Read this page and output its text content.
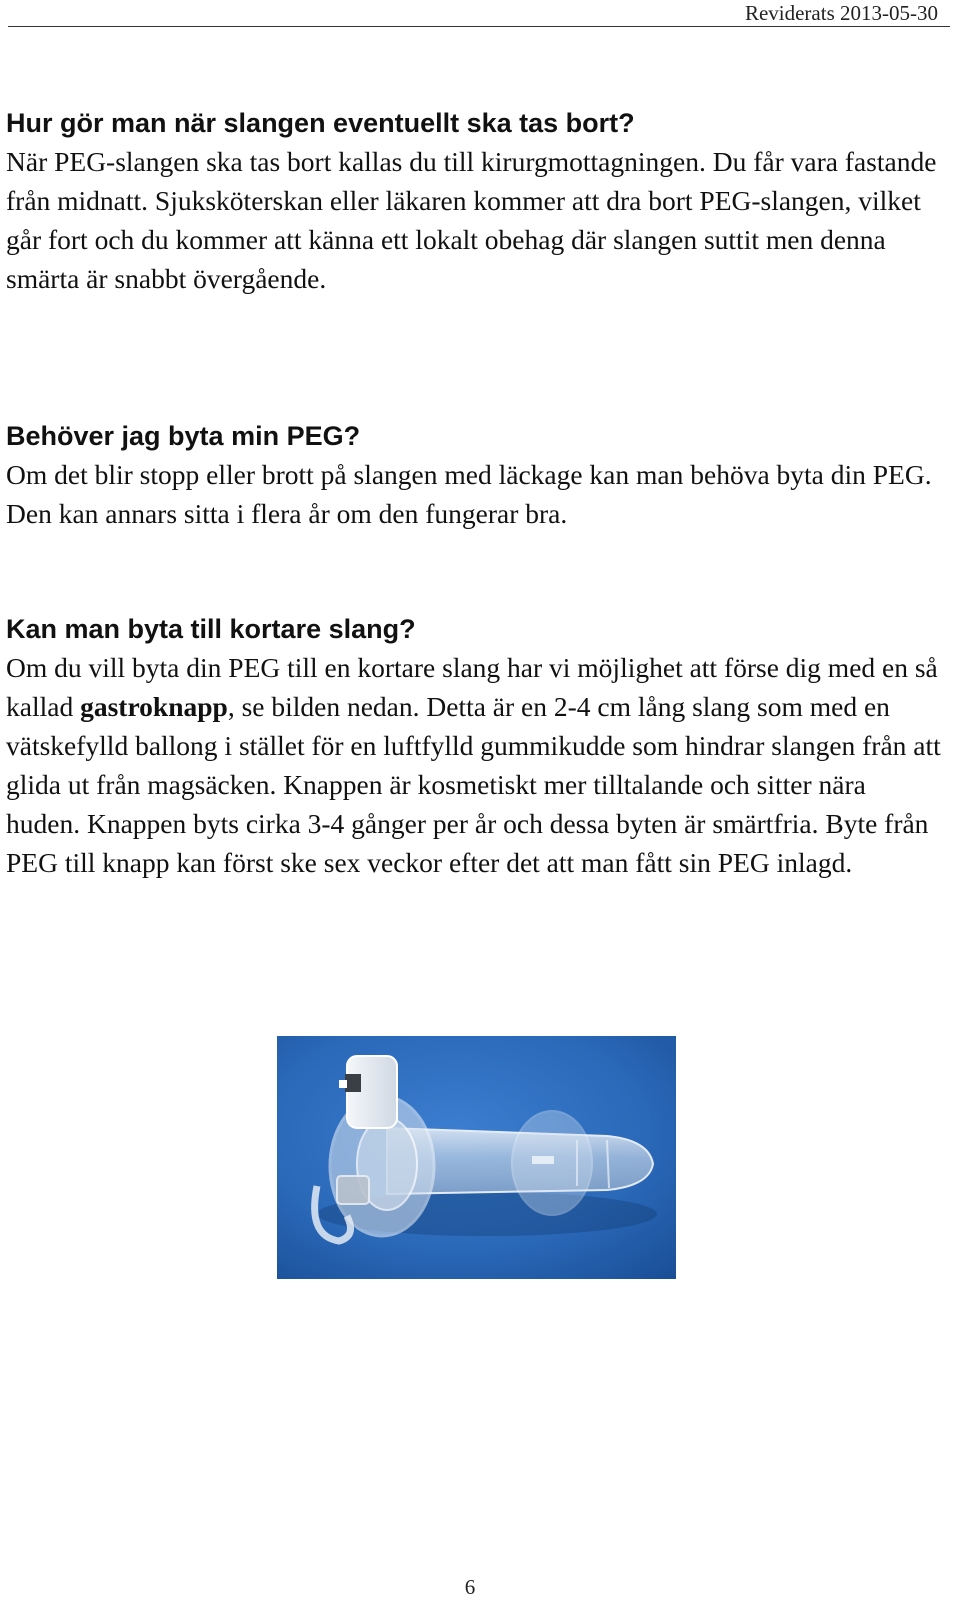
Reviderats 2013-05-30
Hur gör man när slangen eventuellt ska tas bort?

När PEG-slangen ska tas bort kallas du till kirurgmottagningen. Du får vara fastande från midnatt. Sjuksköterskan eller läkaren kommer att dra bort PEG-slangen, vilket går fort och du kommer att känna ett lokalt obehag där slangen suttit men denna smärta är snabbt övergående.

Behöver jag byta min PEG?

Om det blir stopp eller brott på slangen med läckage kan man behöva byta din PEG. Den kan annars sitta i flera år om den fungerar bra.

Kan man byta till kortare slang?

Om du vill byta din PEG till en kortare slang har vi möjlighet att förse dig med en så kallad gastroknapp, se bilden nedan. Detta är en 2-4 cm lång slang som med en vätskefylld ballong i stället för en luftfylld gummikudde som hindrar slangen från att glida ut från magsäcken. Knappen är kosmetiskt mer tilltalande och sitter nära huden. Knappen byts cirka 3-4 gånger per år och dessa byten är smärtfria. Byte från PEG till knapp kan först ske sex veckor efter det att man fått sin PEG inlagd.

6
